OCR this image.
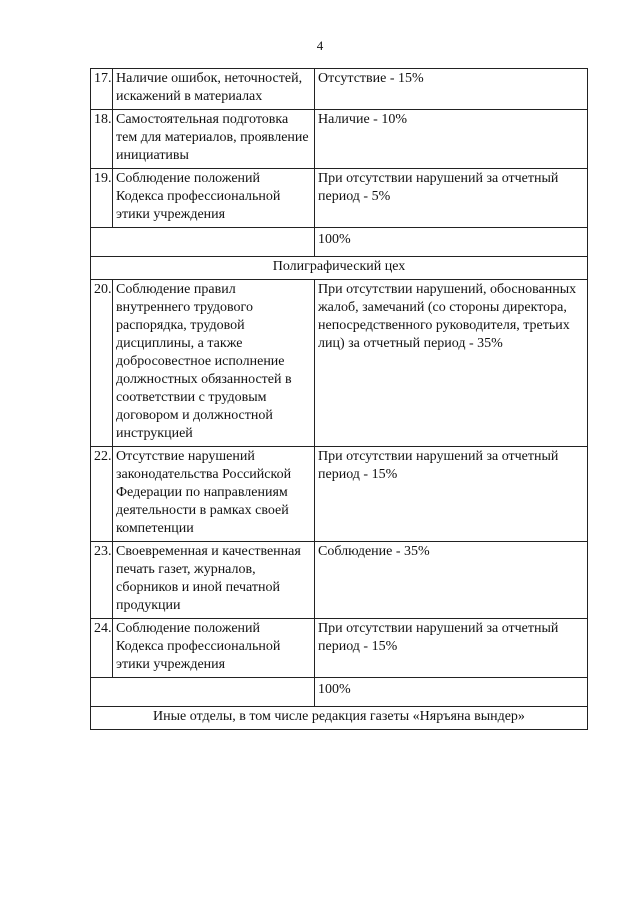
4
17.	Наличие ошибок, неточностей, искажений в материалах	Отсутствие - 15%
18.	Самостоятельная подготовка тем для материалов, проявление инициативы	Наличие - 10%
19.	Соблюдение положений Кодекса профессиональной этики учреждения	При отсутствии нарушений за отчетный период - 5%
		100%
Полиграфический цех		
20.	Соблюдение правил внутреннего трудового распорядка, трудовой дисциплины, а также добросовестное исполнение должностных обязанностей в соответствии с трудовым договором и должностной инструкцией	При отсутствии нарушений, обоснованных жалоб, замечаний (со стороны директора, непосредственного руководителя, третьих лиц) за отчетный период - 35%
22.	Отсутствие нарушений законодательства Российской Федерации по направлениям деятельности в рамках своей компетенции	При отсутствии нарушений за отчетный период - 15%
23.	Своевременная и качественная печать газет, журналов, сборников и иной печатной продукции	Соблюдение - 35%
24.	Соблюдение положений Кодекса профессиональной этики учреждения	При отсутствии нарушений за отчетный период - 15%
		100%
Иные отделы, в том числе редакция газеты «Няръяна вындер»		
